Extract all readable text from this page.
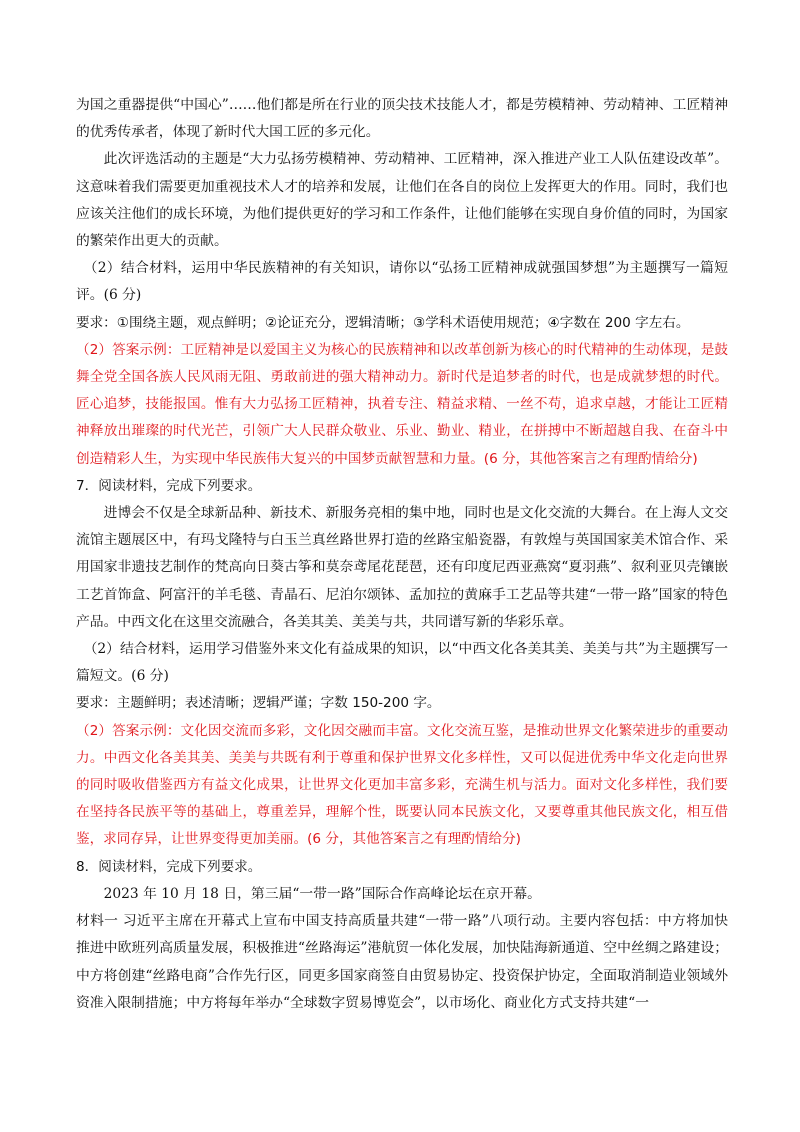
为国之重器提供“中国心”……他们都是所在行业的顶尖技术技能人才，都是劳模精神、劳动精神、工匠精神的优秀传承者，体现了新时代大国工匠的多元化。

此次评选活动的主题是“大力弘扬劳模精神、劳动精神、工匠精神，深入推进产业工人队伍建设改革”。这意味着我们需要更加重视技术人才的培养和发展，让他们在各自的岗位上发挥更大的作用。同时，我们也应该关注他们的成长环境，为他们提供更好的学习和工作条件，让他们能够在实现自身价值的同时，为国家的繁荣作出更大的贡献。

（2）结合材料，运用中华民族精神的有关知识，请你以“弘扬工匠精神成就强国梦想”为主题撰写一篇短评。(6 分)

要求：①围绕主题，观点鲜明；②论证充分，逻辑清晰；③学科术语使用规范；④字数在 200 字左右。

（2）答案示例：工匠精神是以爱国主义为核心的民族精神和以改革创新为核心的时代精神的生动体现，是鼓舞全党全国各族人民风雨无阻、勇敢前进的强大精神动力。新时代是追梦者的时代，也是成就梦想的时代。匠心追梦，技能报国。惟有大力弘扬工匠精神，执着专注、精益求精、一丝不苟，追求卓越，才能让工匠精神释放出璀璨的时代光芒，引领广大人民群众敬业、乐业、勤业、精业，在拼搏中不断超越自我、在奋斗中创造精彩人生，为实现中华民族伟大复兴的中国梦贡献智慧和力量。(6 分，其他答案言之有理酌情给分)

7．阅读材料，完成下列要求。

进博会不仅是全球新品种、新技术、新服务亮相的集中地，同时也是文化交流的大舞台。在上海人文交流馆主题展区中，有玛戈隆特与白玉兰真丝路世界打造的丝路宝船瓷器，有敦煌与英国国家美术馆合作、采用国家非遗技艺制作的梵高向日葵古筝和莫奈鸢尾花琵琶，还有印度尼西亚燕窝“夏羽燕”、叙利亚贝壳镶嵌工艺首饰盒、阿富汗的羊毛毯、青晶石、尼泊尔颂钵、孟加拉的黄麻手工艺品等共建“一带一路”国家的特色产品。中西文化在这里交流融合，各美其美、美美与共，共同谱写新的华彩乐章。

（2）结合材料，运用学习借鉴外来文化有益成果的知识，以“中西文化各美其美、美美与共”为主题撰写一篇短文。(6 分)

要求：主题鲜明；表述清晰；逻辑严谨；字数 150-200 字。

（2）答案示例：文化因交流而多彩，文化因交融而丰富。文化交流互鉴，是推动世界文化繁荣进步的重要动力。中西文化各美其美、美美与共既有利于尊重和保护世界文化多样性，又可以促进优秀中华文化走向世界的同时吸收借鉴西方有益文化成果，让世界文化更加丰富多彩，充满生机与活力。面对文化多样性，我们要在坚持各民族平等的基础上，尊重差异，理解个性，既要认同本民族文化，又要尊重其他民族文化，相互借鉴，求同存异，让世界变得更加美丽。(6 分，其他答案言之有理酌情给分)

8．阅读材料，完成下列要求。

2023 年 10 月 18 日，第三届“一带一路”国际合作高峰论坛在京开幕。

材料一 习近平主席在开幕式上宣布中国支持高质量共建“一带一路”八项行动。主要内容包括：中方将加快推进中欧班列高质量发展，积极推进“丝路海运”港航贸一体化发展，加快陆海新通道、空中丝绸之路建设；中方将创建“丝路电商”合作先行区，同更多国家商签自由贸易协定、投资保护协定，全面取消制造业领域外资准入限制措施；中方将每年举办“全球数字贸易博览会”，以市场化、商业化方式支持共建“一
